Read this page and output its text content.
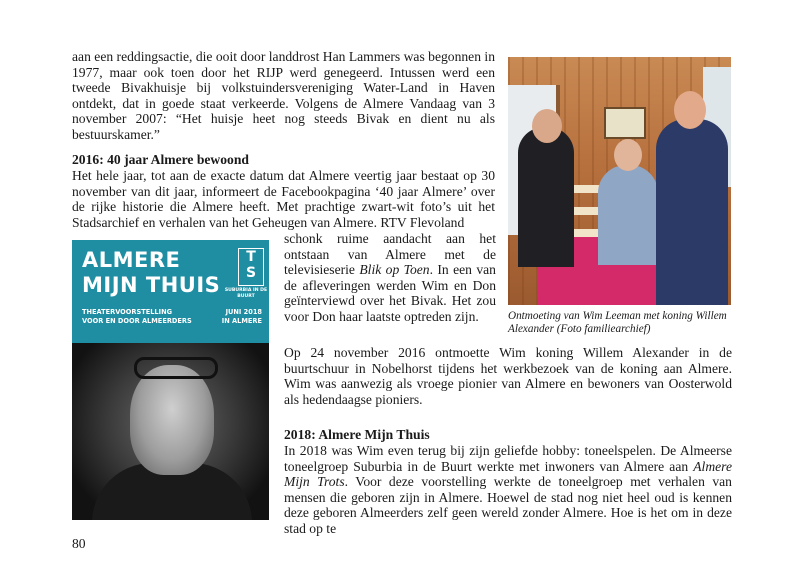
aan een reddingsactie, die ooit door landdrost Han Lammers was begonnen in 1977, maar ook toen door het RIJP werd genegeerd. Intussen werd een tweede Bivakhuisje bij volkstuindersvereniging Water-Land in Haven ontdekt, dat in goede staat verkeerde. Volgens de Almere Vandaag van 3 november 2007: “Het huisje heet nog steeds Bivak en dient nu als bestuurskamer.”

2016: 40 jaar Almere bewoond

Het hele jaar, tot aan de exacte datum dat Almere veertig jaar bestaat op 30 november van dit jaar, informeert de Facebookpagina ‘40 jaar Almere’ over de rijke historie die Almere heeft. Met prachtige zwart-wit foto’s uit het Stadsarchief en verhalen van het Geheugen van Almere. RTV Flevoland

schonk ruime aandacht aan het ontstaan van Almere met de televisieserie Blik op Toen. In een van de afleveringen werden Wim en Don geïnterviewd over het Bivak. Het zou voor Don haar laatste optreden zijn.

Op 24 november 2016 ontmoette Wim koning Willem Alexander in de buurtschuur in Nobelhorst tijdens het werkbezoek van de koning aan Almere. Wim was aanwezig als vroege pionier van Almere en bewoners van Oosterwold als hedendaagse pioniers.

2018: Almere Mijn Thuis

In 2018 was Wim even terug bij zijn geliefde hobby: toneelspelen. De Almeerse toneelgroep Suburbia in de Buurt werkte met inwoners van Almere aan Almere Mijn Trots. Voor deze voorstelling werkte de toneelgroep met verhalen van mensen die geboren zijn in Almere. Hoewel de stad nog niet heel oud is kennen deze geboren Almeerders zelf geen wereld zonder Almere. Hoe is het om in deze stad op te

Ontmoeting van Wim Leeman met koning Willem Alexander (Foto familiearchief)
ALMERE
MIJN THUIS
THEATERVOORSTELLING
VOOR EN DOOR ALMEERDERS
T S
SUBURBIA IN DE BUURT
JUNI 2018
IN ALMERE
80
